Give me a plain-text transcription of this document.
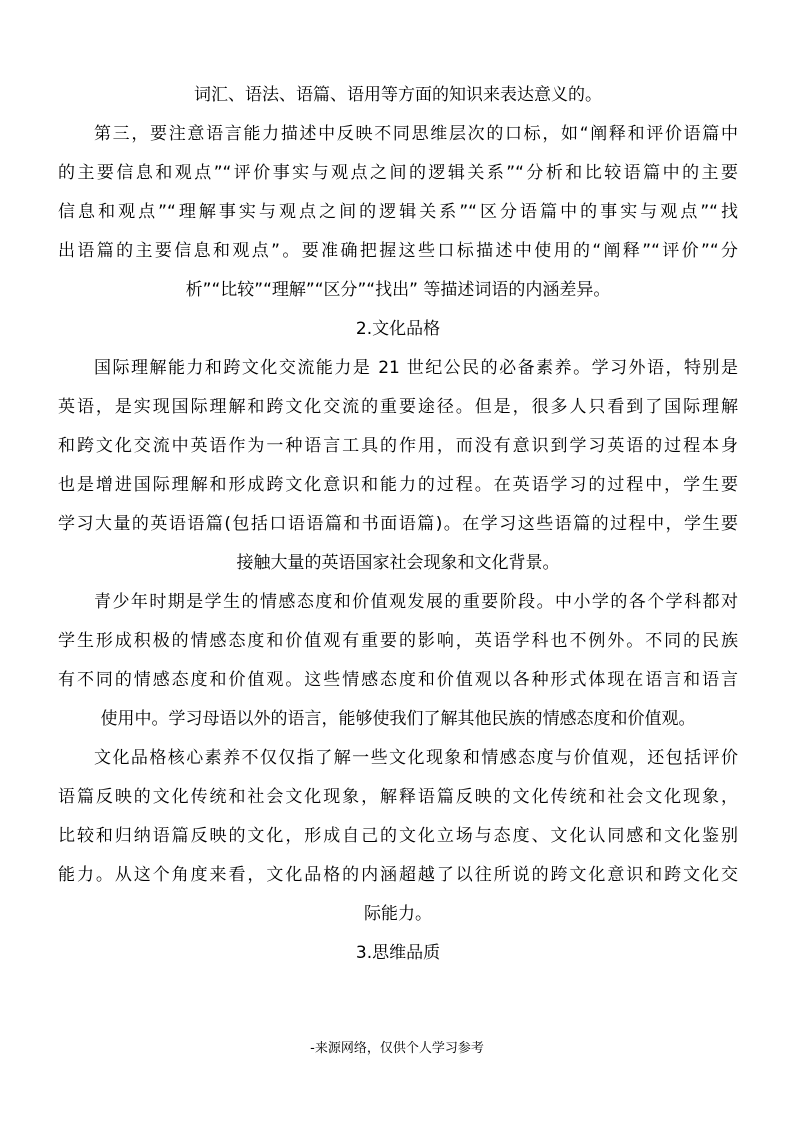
词汇、语法、语篇、语用等方面的知识来表达意义的。
第三，要注意语言能力描述中反映不同思维层次的口标，如“阐释和评价语篇中
的主要信息和观点”“评价事实与观点之间的逻辑关系”“分析和比较语篇中的主要
信息和观点”“理解事实与观点之间的逻辑关系”“区分语篇中的事实与观点”“找
出语篇的主要信息和观点”。要准确把握这些口标描述中使用的“阐释”“评价”“分
析”“比较”“理解”“区分”“找出” 等描述词语的内涵差异。
2.文化品格
国际理解能力和跨文化交流能力是 21 世纪公民的必备素养。学习外语，特别是
英语，是实现国际理解和跨文化交流的重要途径。但是，很多人只看到了国际理解
和跨文化交流中英语作为一种语言工具的作用，而没有意识到学习英语的过程本身
也是增进国际理解和形成跨文化意识和能力的过程。在英语学习的过程中，学生要
学习大量的英语语篇(包括口语语篇和书面语篇)。在学习这些语篇的过程中，学生要
接触大量的英语国家社会现象和文化背景。
青少年时期是学生的情感态度和价值观发展的重要阶段。中小学的各个学科都对
学生形成积极的情感态度和价值观有重要的影响，英语学科也不例外。不同的民族
有不同的情感态度和价值观。这些情感态度和价值观以各种形式体现在语言和语言
使用中。学习母语以外的语言，能够使我们了解其他民族的情感态度和价值观。
文化品格核心素养不仅仅指了解一些文化现象和情感态度与价值观，还包括评价
语篇反映的文化传统和社会文化现象，解释语篇反映的文化传统和社会文化现象，
比较和归纳语篇反映的文化，形成自己的文化立场与态度、文化认同感和文化鉴别
能力。从这个角度来看，文化品格的内涵超越了以往所说的跨文化意识和跨文化交
际能力。
3.思维品质
-来源网络，仅供个人学习参考
